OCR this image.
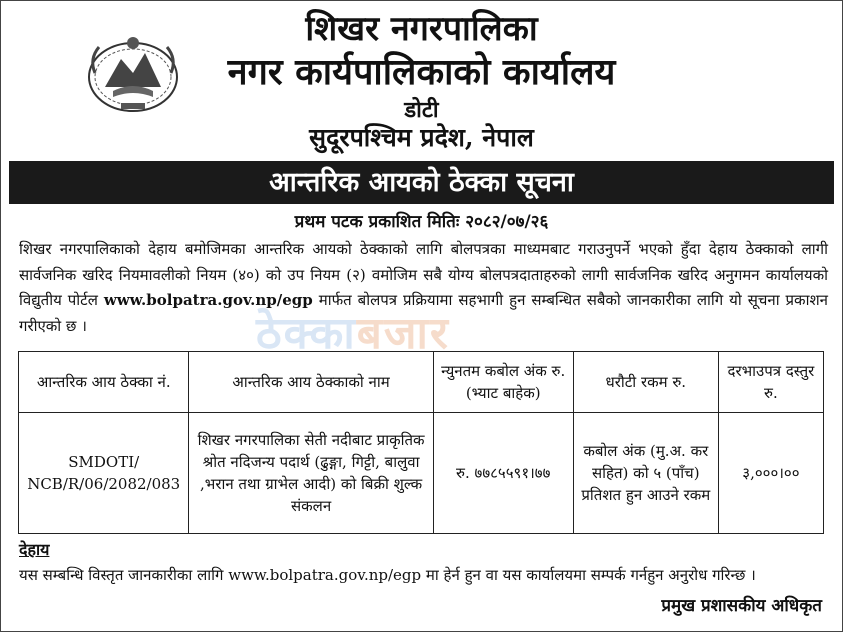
शिखर नगरपालिका
नगर कार्यपालिकाको कार्यालय
डोटी
सुदूरपश्चिम प्रदेश, नेपाल
आन्तरिक आयको ठेक्का सूचना
प्रथम पटक प्रकाशित मितिः २०८२/०७/२६
शिखर नगरपालिकाको देहाय बमोजिमका आन्तरिक आयको ठेक्काको लागि बोलपत्रका माध्यमबाट गराउनुपर्ने भएको हुँदा देहाय ठेक्काको लागी सार्वजनिक खरिद नियमावलीको नियम (४०) को उप नियम (२) वमोजिम सबै योग्य बोलपत्रदाताहरुको लागी सार्वजनिक खरिद अनुगमन कार्यालयको विद्युतीय पोर्टल www.bolpatra.gov.np/egp मार्फत बोलपत्र प्रक्रियामा सहभागी हुन सम्बन्धित सबैको जानकारीका लागि यो सूचना प्रकाशन गरीएको छ ।	ठेक्काबजार
आन्तरिक आय ठेक्का नं.	आन्तरिक आय ठेक्काको नाम	न्युनतम कबोल अंक रु. (भ्याट बाहेक)	धरौटी रकम रु.	दरभाउपत्र दस्तुर रु.
SMDOTI/ NCB/R/06/2082/083	शिखर नगरपालिका सेती नदीबाट प्राकृतिक श्रोत नदिजन्य पदार्थ (ढुङ्गा, गिट्टी, बालुवा ,भरान तथा ग्राभेल आदी) को बिक्री शुल्क संकलन	रु. ७७८५५९१।७७	कबोल अंक (मु.अ. कर सहित) को ५ (पाँच) प्रतिशत हुन आउने रकम	३,०००।००
देहाय
यस सम्बन्धि विस्तृत जानकारीका लागि www.bolpatra.gov.np/egp मा हेर्न हुन वा यस कार्यालयमा सम्पर्क गर्नहुन अनुरोध गरिन्छ ।
प्रमुख प्रशासकीय अधिकृत
